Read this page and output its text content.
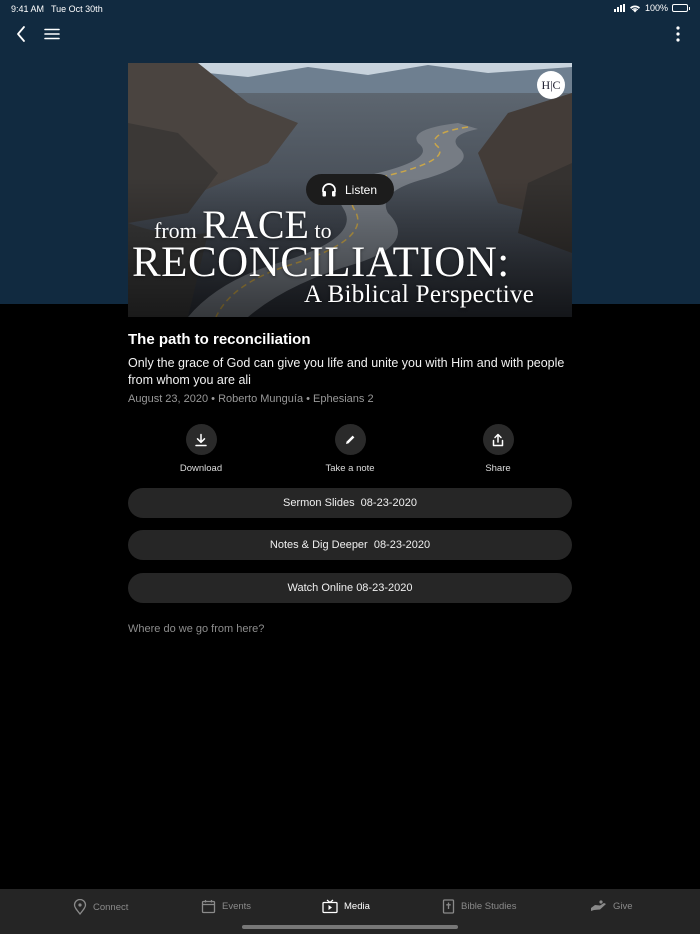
9:41 AM Tue Oct 30th	100%
H|C
Listen
from RACE to
RECONCILIATION:
A Biblical Perspective
The path to reconciliation
Only the grace of God can give you life and unite you with Him and with people from whom you are ali
August 23, 2020 • Roberto Munguía • Ephesians 2
Download	Take a note	Share
Sermon Slides  08-23-2020
Notes & Dig Deeper  08-23-2020
Watch Online 08-23-2020
Where do we go from here?
Connect	Events	Media	Bible Studies	Give
